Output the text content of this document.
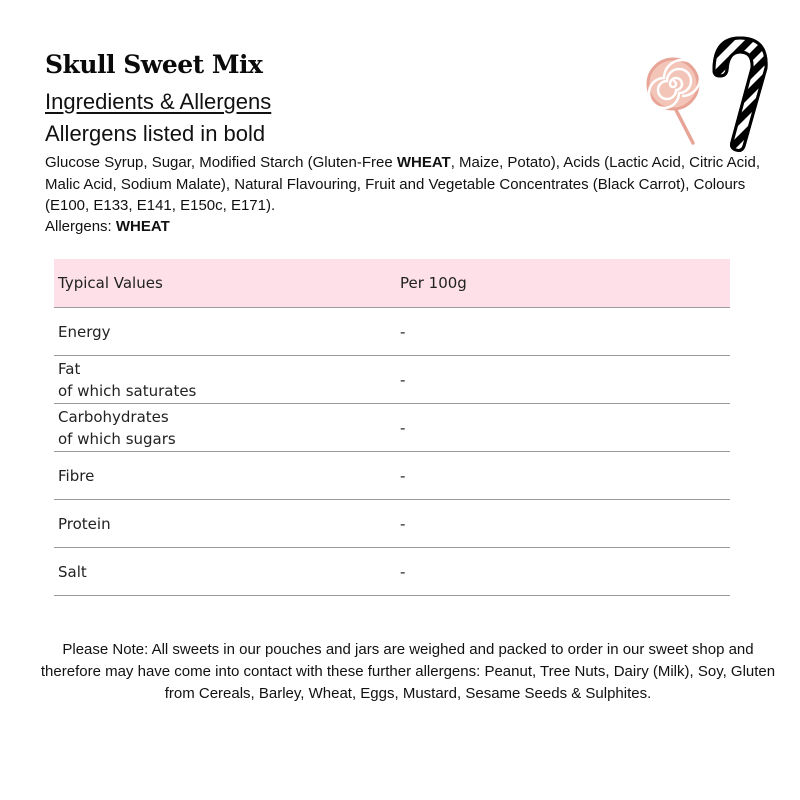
Skull Sweet Mix
Ingredients & Allergens
Allergens listed in bold
Glucose Syrup, Sugar, Modified Starch (Gluten-Free WHEAT, Maize, Potato), Acids (Lactic Acid, Citric Acid, Malic Acid, Sodium Malate), Natural Flavouring, Fruit and Vegetable Concentrates (Black Carrot), Colours (E100, E133, E141, E150c, E171).
Allergens: WHEAT
Typical Values	Per 100g
Energy	-

Fat
of which saturates	-

Carbohydrates
of which sugars	-
Fibre	-
Protein	-
Salt	-
Please Note: All sweets in our pouches and jars are weighed and packed to order in our sweet shop and therefore may have come into contact with these further allergens: Peanut, Tree Nuts, Dairy (Milk), Soy, Gluten from Cereals, Barley, Wheat, Eggs, Mustard, Sesame Seeds & Sulphites.
